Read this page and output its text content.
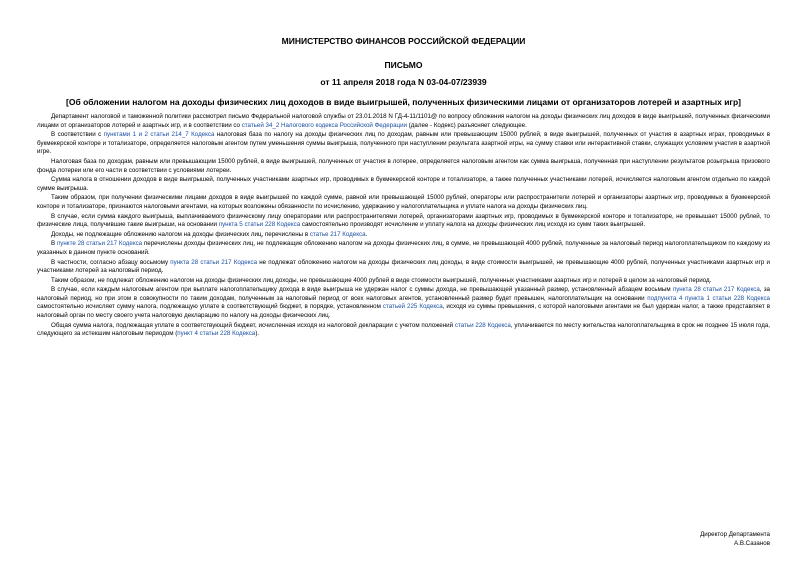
МИНИСТЕРСТВО ФИНАНСОВ РОССИЙСКОЙ ФЕДЕРАЦИИ
ПИСЬМО
от 11 апреля 2018 года N 03-04-07/23939
[Об обложении налогом на доходы физических лиц доходов в виде выигрышей, полученных физическими лицами от организаторов лотерей и азартных игр]

Департамент налоговой и таможенной политики рассмотрел письмо Федеральной налоговой службы от 23.01.2018 N ГД-4-11/1101@ по вопросу обложения налогом на доходы физических лиц доходов в виде выигрышей, полученных физическими лицами от организаторов лотерей и азартных игр, и в соответствии со статьей 34_2 Налогового кодекса Российской Федерации (далее - Кодекс) разъясняет следующее.

В соответствии с пунктами 1 и 2 статьи 214_7 Кодекса налоговая база по налогу на доходы физических лиц по доходам, равным или превышающим 15000 рублей, в виде выигрышей, полученных от участия в азартных играх, проводимых в букмекерской конторе и тотализаторе, определяется налоговым агентом путем уменьшения суммы выигрыша, полученного при наступлении результата азартной игры, на сумму ставки или интерактивной ставки, служащих условием участия в азартной игре.

Налоговая база по доходам, равным или превышающим 15000 рублей, в виде выигрышей, полученных от участия в лотерее, определяется налоговым агентом как сумма выигрыша, полученная при наступлении результатов розыгрыша призового фонда лотереи или его части в соответствии с условиями лотереи.

Сумма налога в отношении доходов в виде выигрышей, полученных участниками азартных игр, проводимых в букмекерской конторе и тотализаторе, а также полученных участниками лотерей, исчисляется налоговым агентом отдельно по каждой сумме выигрыша.

Таким образом, при получении физическими лицами доходов в виде выигрышей по каждой сумме, равной или превышающей 15000 рублей, операторы или распространители лотерей и организаторы азартных игр, проводимых в букмекерской конторе и тотализаторе, признаются налоговыми агентами, на которых возложены обязанности по исчислению, удержанию у налогоплательщика и уплате налога на доходы физических лиц.

В случае, если сумма каждого выигрыша, выплачиваемого физическому лицу операторами или распространителями лотерей, организаторами азартных игр, проводимых в букмекерской конторе и тотализаторе, не превышает 15000 рублей, то физические лица, получившие такие выигрыши, на основании пункта 5 статьи 228 Кодекса самостоятельно производят исчисление и уплату налога на доходы физических лиц исходя из сумм таких выигрышей.

Доходы, не подлежащие обложению налогом на доходы физических лиц, перечислены в статье 217 Кодекса.

В пункте 28 статьи 217 Кодекса перечислены доходы физических лиц, не подлежащие обложению налогом на доходы физических лиц, в сумме, не превышающей 4000 рублей, полученные за налоговый период налогоплательщиком по каждому из указанных в данном пункте оснований.

В частности, согласно абзацу восьмому пункта 28 статьи 217 Кодекса не подлежат обложению налогом на доходы физических лиц доходы, в виде стоимости выигрышей, не превышающие 4000 рублей, полученных участниками азартных игр и участниками лотерей за налоговый период.

Таким образом, не подлежат обложению налогом на доходы физических лиц доходы, не превышающие 4000 рублей в виде стоимости выигрышей, полученных участниками азартных игр и лотерей в целом за налоговый период.

В случае, если каждым налоговым агентом при выплате налогоплательщику дохода в виде выигрыша не удержан налог с суммы дохода, не превышающей указанный размер, установленный абзацем восьмым пункта 28 статьи 217 Кодекса, за налоговый период, но при этом в совокупности по таким доходам, полученным за налоговый период от всех налоговых агентов, установленный размер будет превышен, налогоплательщик на основании подпункта 4 пункта 1 статьи 228 Кодекса самостоятельно исчисляет сумму налога, подлежащую уплате в соответствующий бюджет, в порядке, установленном статьей 225 Кодекса, исходя из суммы превышения, с которой налоговыми агентами не был удержан налог, а также представляет в налоговый орган по месту своего учета налоговую декларацию по налогу на доходы физических лиц.

Общая сумма налога, подлежащая уплате в соответствующий бюджет, исчисленная исходя из налоговой декларации с учетом положений статьи 228 Кодекса, уплачивается по месту жительства налогоплательщика в срок не позднее 15 июля года, следующего за истекшим налоговым периодом (пункт 4 статьи 228 Кодекса).

Директор Департамента
А.В.Сазанов
